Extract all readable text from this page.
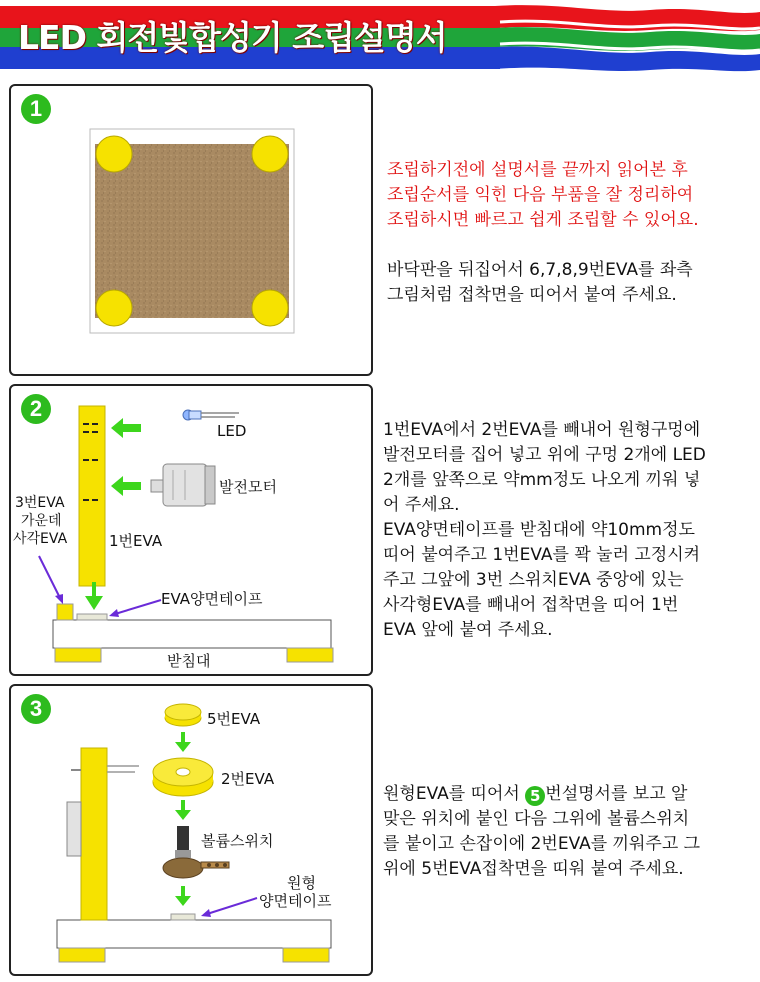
LED 회전빛합성기 조립설명서
1
조립하기전에 설명서를 끝까지 읽어본 후
조립순서를 익힌 다음 부품을 잘 정리하여
조립하시면 빠르고 쉽게 조립할 수 있어요.
바닥판을 뒤집어서 6,7,8,9번EVA를 좌측
그림처럼 접착면을 띠어서 붙여 주세요.
2
LED
발전모터
3번EVA
가운데
사각EVA	1번EVA
EVA양면테이프
받침대
1번EVA에서 2번EVA를 빼내어 원형구멍에
발전모터를 집어 넣고 위에 구멍 2개에 LED
2개를 앞쪽으로 약mm정도 나오게 끼워 넣
어 주세요.
EVA양면테이프를 받침대에 약10mm정도
띠어 붙여주고 1번EVA를 꽉 눌러 고정시켜
주고 그앞에 3번 스위치EVA 중앙에 있는
사각형EVA를 빼내어 접착면을 띠어 1번
EVA 앞에 붙여 주세요.
3	5번EVA
2번EVA
볼륨스위치
원형
양면테이프
원형EVA를 띠어서 5 번설명서를 보고 알
맞은 위치에 붙인 다음 그위에 볼륨스위치
를 붙이고 손잡이에 2번EVA를 끼워주고 그
위에 5번EVA접착면을 띠워 붙여 주세요.
